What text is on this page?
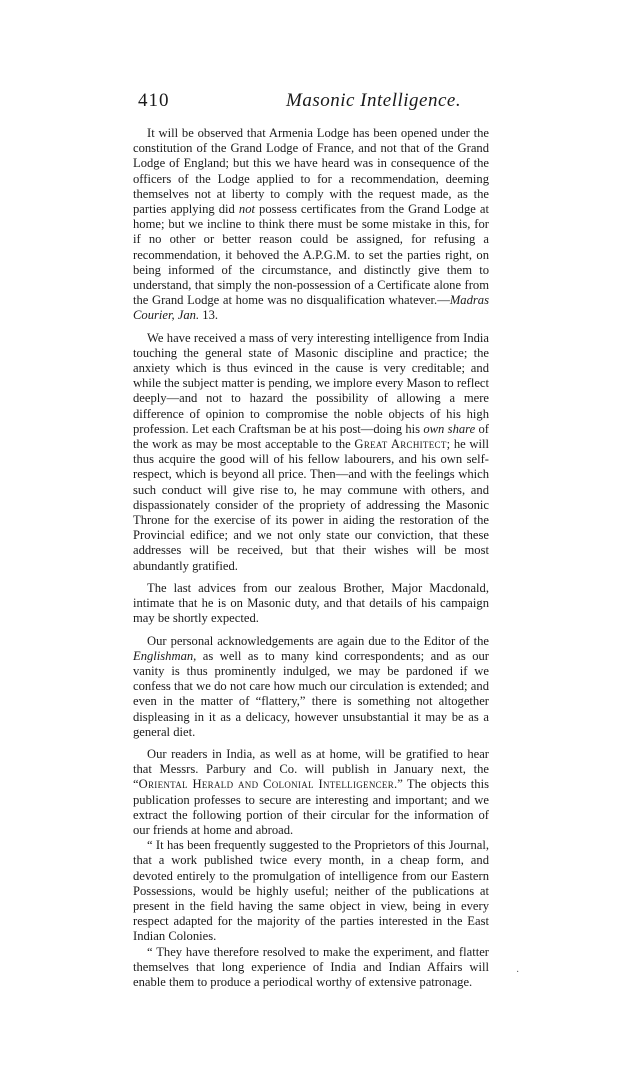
410	Masonic Intelligence.

It will be observed that Armenia Lodge has been opened under the constitution of the Grand Lodge of France, and not that of the Grand Lodge of England; but this we have heard was in consequence of the officers of the Lodge applied to for a recommendation, deeming themselves not at liberty to comply with the request made, as the parties applying did not possess certificates from the Grand Lodge at home; but we incline to think there must be some mistake in this, for if no other or better reason could be assigned, for refusing a recommendation, it behoved the A.P.G.M. to set the parties right, on being informed of the circumstance, and distinctly give them to understand, that simply the non-possession of a Certificate alone from the Grand Lodge at home was no disqualification whatever.—Madras Courier, Jan. 13.

We have received a mass of very interesting intelligence from India touching the general state of Masonic discipline and practice; the anxiety which is thus evinced in the cause is very creditable; and while the subject matter is pending, we implore every Mason to reflect deeply—and not to hazard the possibility of allowing a mere difference of opinion to compromise the noble objects of his high profession. Let each Craftsman be at his post—doing his own share of the work as may be most acceptable to the Great Architect; he will thus acquire the good will of his fellow labourers, and his own self-respect, which is beyond all price. Then—and with the feelings which such conduct will give rise to, he may commune with others, and dispassionately consider of the propriety of addressing the Masonic Throne for the exercise of its power in aiding the restoration of the Provincial edifice; and we not only state our conviction, that these addresses will be received, but that their wishes will be most abundantly gratified.

The last advices from our zealous Brother, Major Macdonald, intimate that he is on Masonic duty, and that details of his campaign may be shortly expected.

Our personal acknowledgements are again due to the Editor of the Englishman, as well as to many kind correspondents; and as our vanity is thus prominently indulged, we may be pardoned if we confess that we do not care how much our circulation is extended; and even in the matter of “flattery,” there is something not altogether displeasing in it as a delicacy, however unsubstantial it may be as a general diet.

Our readers in India, as well as at home, will be gratified to hear that Messrs. Parbury and Co. will publish in January next, the “Oriental Herald and Colonial Intelligencer.” The objects this publication professes to secure are interesting and important; and we extract the following portion of their circular for the information of our friends at home and abroad.

“ It has been frequently suggested to the Proprietors of this Journal, that a work published twice every month, in a cheap form, and devoted entirely to the promulgation of intelligence from our Eastern Possessions, would be highly useful; neither of the publications at present in the field having the same object in view, being in every respect adapted for the majority of the parties interested in the East Indian Colonies.

“ They have therefore resolved to make the experiment, and flatter themselves that long experience of India and Indian Affairs will enable them to produce a periodical worthy of extensive patronage.

·
